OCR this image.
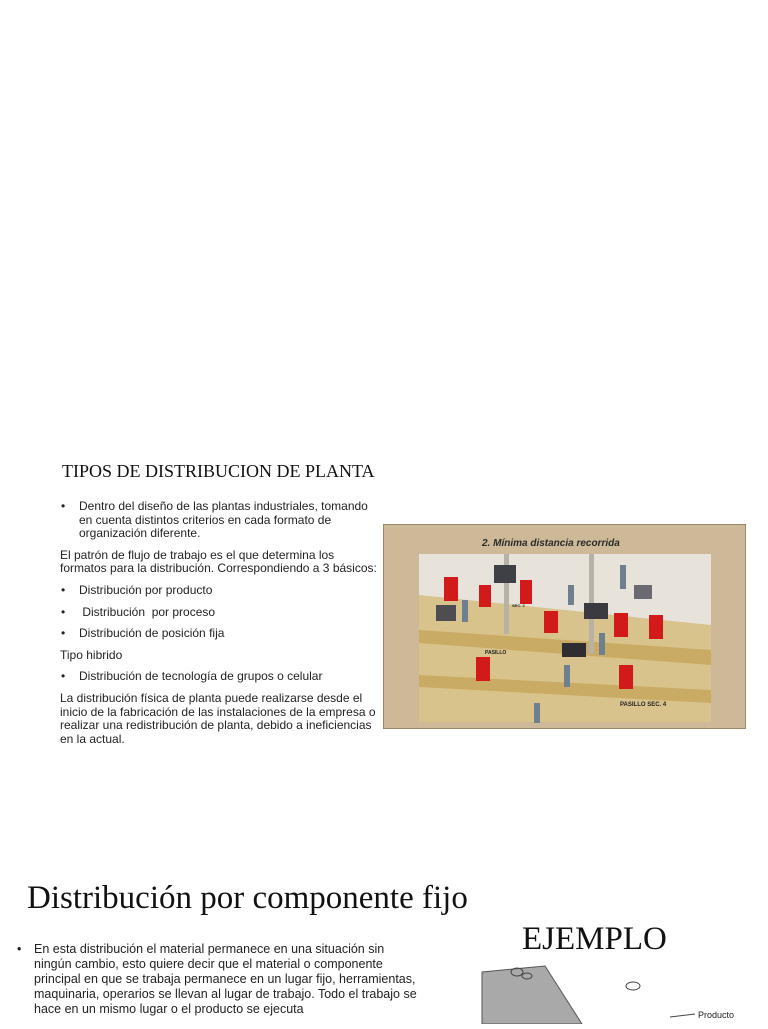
TIPOS DE DISTRIBUCION DE PLANTA
• Dentro del diseño de las plantas industriales, tomando en cuenta distintos criterios en cada formato de organización diferente.
El patrón de flujo de trabajo es el que determina los formatos para la distribución. Correspondiendo a 3 básicos:
• Distribución por producto
• Distribución  por proceso
• Distribución de posición fija
Tipo hibrido
• Distribución de tecnología de grupos o celular
La distribución física de planta puede realizarse desde el inicio de la fabricación de las instalaciones de la empresa o realizar una redistribución de planta, debido a ineficiencias en la actual.
2. Mínima distancia recorrida
PASILLO
PASILLO SEC. 4
SEC. 2
Distribución por componente fijo
EJEMPLO
• En esta distribución el material permanece en una situación sin ningún cambio, esto quiere decir que el material o componente principal en que se trabaja permanece en un lugar fijo, herramientas, maquinaria, operarios se llevan al lugar de trabajo. Todo el trabajo se hace en un mismo lugar o el producto se ejecuta	Producto
